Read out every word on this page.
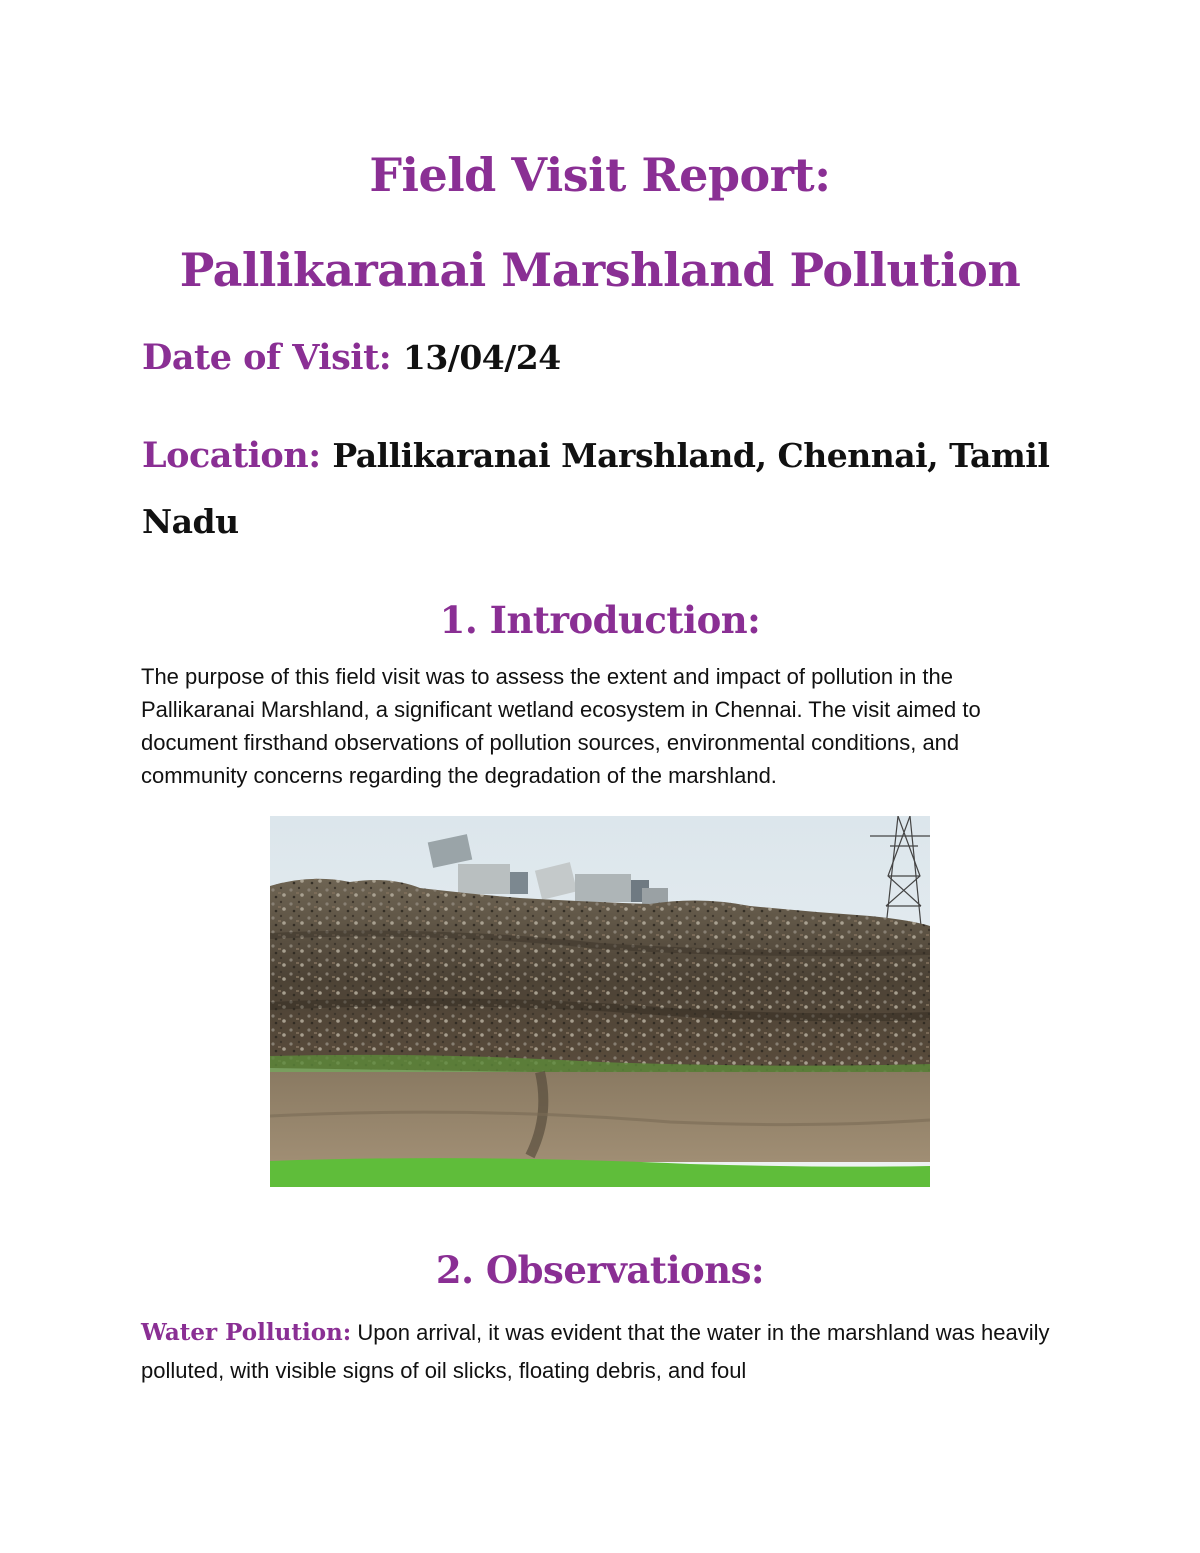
Field Visit Report:
Pallikaranai Marshland Pollution

Date of Visit: 13/04/24

Location: Pallikaranai Marshland, Chennai, Tamil Nadu

1. Introduction:

The purpose of this field visit was to assess the extent and impact of pollution in the Pallikaranai Marshland, a significant wetland ecosystem in Chennai. The visit aimed to document firsthand observations of pollution sources, environmental conditions, and community concerns regarding the degradation of the marshland.

2. Observations:

Water Pollution: Upon arrival, it was evident that the water in the marshland was heavily polluted, with visible signs of oil slicks, floating debris, and foul
